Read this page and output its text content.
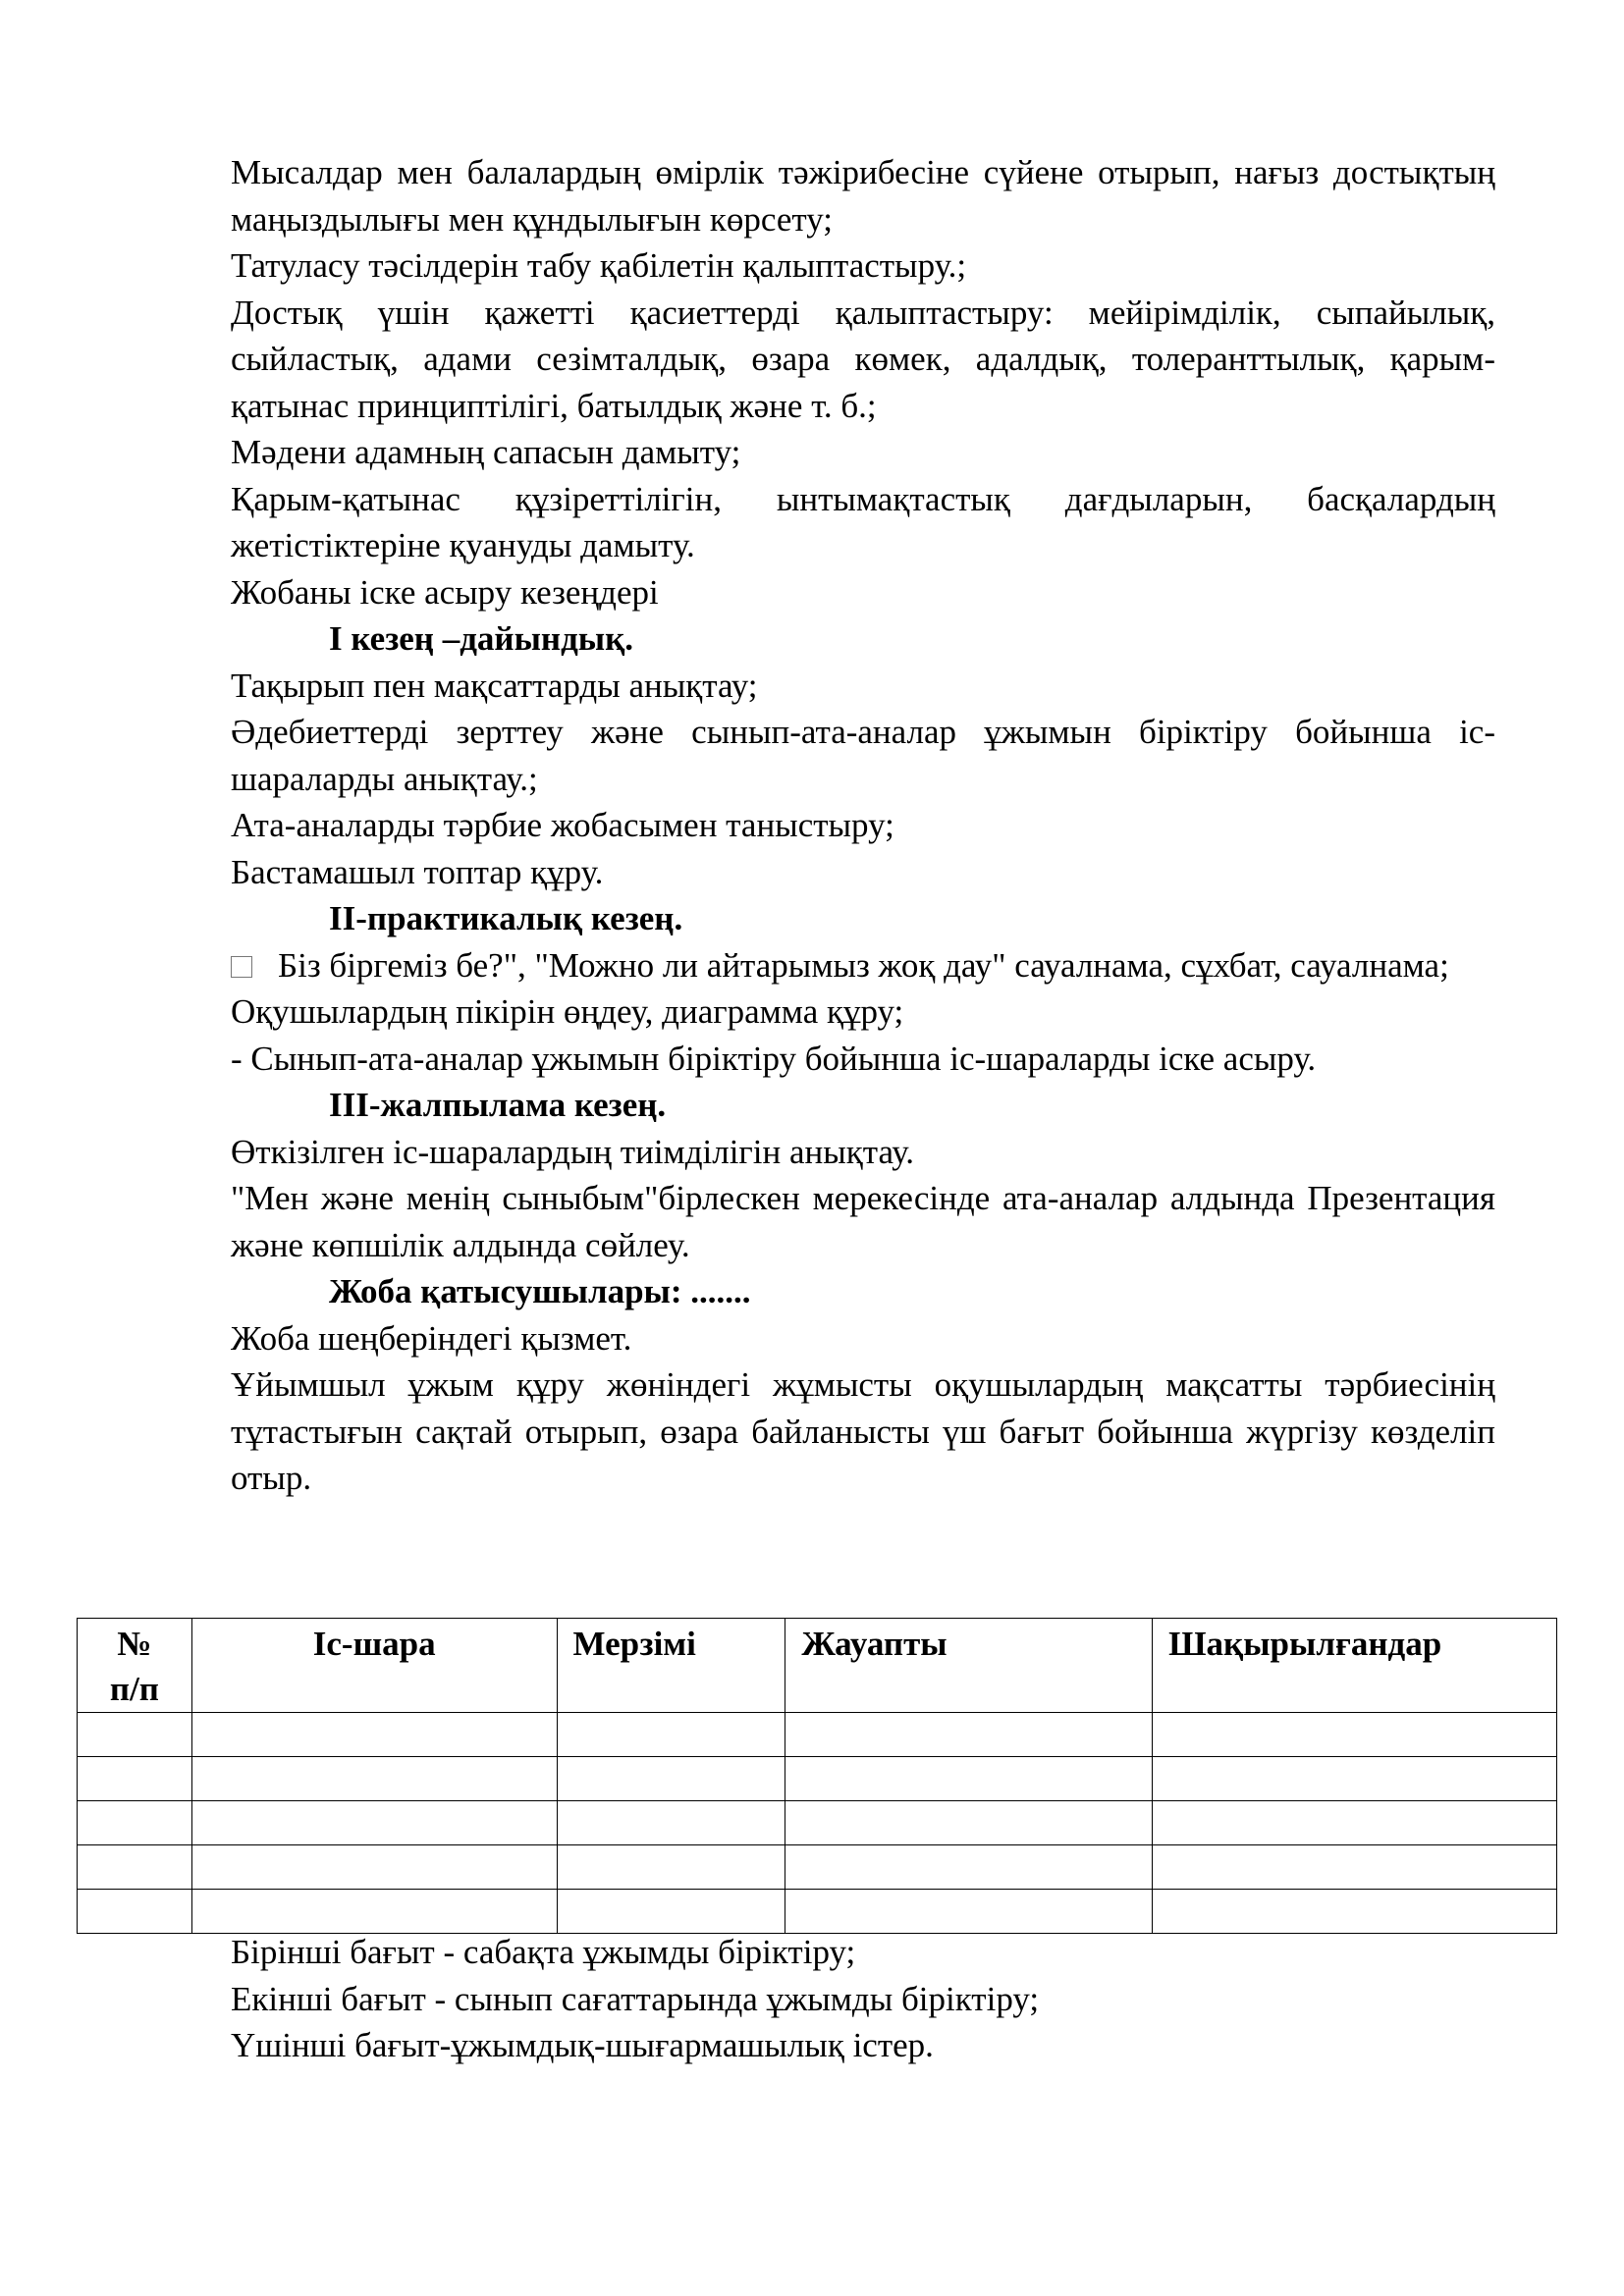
Мысалдар мен балалардың өмірлік тәжірибесіне сүйене отырып, нағыз достықтың маңыздылығы мен құндылығын көрсету;

Татуласу тәсілдерін табу қабілетін қалыптастыру.;

Достық үшін қажетті қасиеттерді қалыптастыру: мейірімділік, сыпайылық, сыйластық, адами сезімталдық, өзара көмек, адалдық, толеранттылық, қарым-қатынас принциптілігі, батылдық және т. б.;

Мәдени адамның сапасын дамыту;

Қарым-қатынас құзіреттілігін, ынтымақтастық дағдыларын, басқалардың жетістіктеріне қуануды дамыту.

Жобаны іске асыру кезеңдері

I кезең –дайындық.

Тақырып пен мақсаттарды анықтау;

Әдебиеттерді зерттеу және сынып-ата-аналар ұжымын біріктіру бойынша іс-шараларды анықтау.;

Ата-аналарды тәрбие жобасымен таныстыру;

Бастамашыл топтар құру.

II-практикалық кезең.

Біз біргеміз бе?", "Можно ли айтарымыз жоқ дау" сауалнама, сұхбат, сауалнама;

Оқушылардың пікірін өңдеу, диаграмма құру;

- Сынып-ата-аналар ұжымын біріктіру бойынша іс-шараларды іске асыру.

III-жалпылама кезең.

Өткізілген іс-шаралардың тиімділігін анықтау.

"Мен және менің сыныбым"бірлескен мерекесінде ата-аналар алдында Презентация және көпшілік алдында сөйлеу.

Жоба қатысушылары: .......

Жоба шеңберіндегі қызмет.

Ұйымшыл ұжым құру жөніндегі жұмысты оқушылардың мақсатты тәрбиесінің тұтастығын сақтай отырып, өзара байланысты үш бағыт бойынша жүргізу көзделіп отыр.

№
п/п	Іс-шара	Мерзімі	Жауапты	Шақырылғандар

Бірінші бағыт - сабақта ұжымды біріктіру;

Екінші бағыт - сынып сағаттарында ұжымды біріктіру;

Үшінші бағыт-ұжымдық-шығармашылық істер.
